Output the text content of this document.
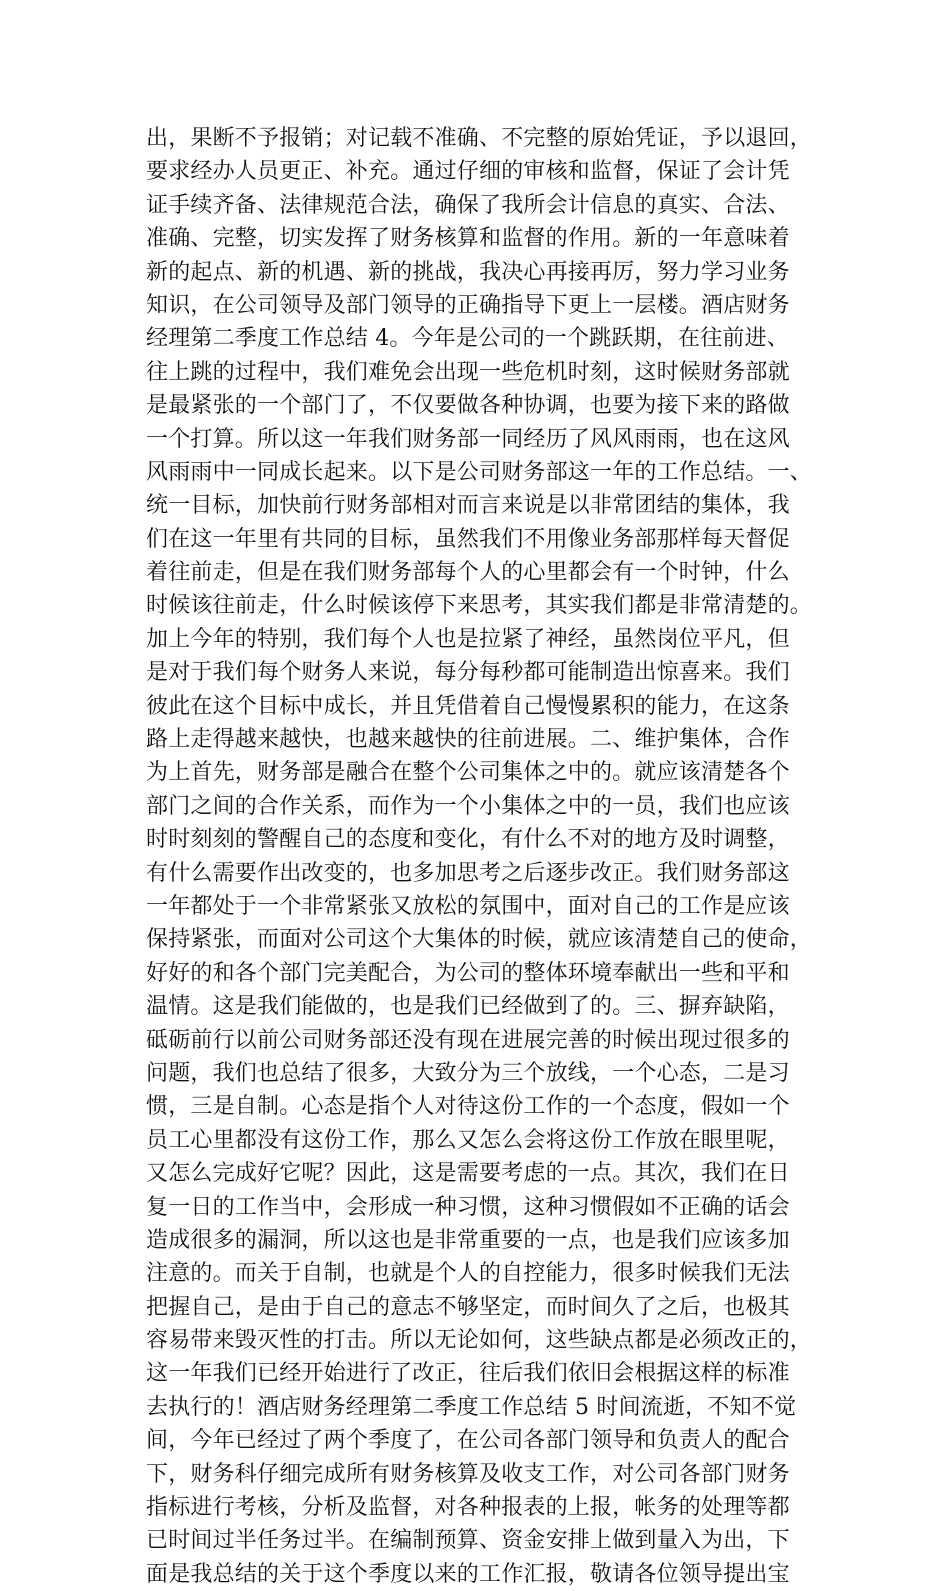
出，果断不予报销；对记载不准确、不完整的原始凭证，予以退回，
要求经办人员更正、补充。通过仔细的审核和监督，保证了会计凭
证手续齐备、法律规范合法，确保了我所会计信息的真实、合法、
准确、完整，切实发挥了财务核算和监督的作用。新的一年意味着
新的起点、新的机遇、新的挑战，我决心再接再厉，努力学习业务
知识，在公司领导及部门领导的正确指导下更上一层楼。酒店财务
经理第二季度工作总结 4。今年是公司的一个跳跃期，在往前进、
往上跳的过程中，我们难免会出现一些危机时刻，这时候财务部就
是最紧张的一个部门了，不仅要做各种协调，也要为接下来的路做
一个打算。所以这一年我们财务部一同经历了风风雨雨，也在这风
风雨雨中一同成长起来。以下是公司财务部这一年的工作总结。一、
统一目标，加快前行财务部相对而言来说是以非常团结的集体，我
们在这一年里有共同的目标，虽然我们不用像业务部那样每天督促
着往前走，但是在我们财务部每个人的心里都会有一个时钟，什么
时候该往前走，什么时候该停下来思考，其实我们都是非常清楚的。
加上今年的特别，我们每个人也是拉紧了神经，虽然岗位平凡，但
是对于我们每个财务人来说，每分每秒都可能制造出惊喜来。我们
彼此在这个目标中成长，并且凭借着自己慢慢累积的能力，在这条
路上走得越来越快，也越来越快的往前进展。二、维护集体，合作
为上首先，财务部是融合在整个公司集体之中的。就应该清楚各个
部门之间的合作关系，而作为一个小集体之中的一员，我们也应该
时时刻刻的警醒自己的态度和变化，有什么不对的地方及时调整，
有什么需要作出改变的，也多加思考之后逐步改正。我们财务部这
一年都处于一个非常紧张又放松的氛围中，面对自己的工作是应该
保持紧张，而面对公司这个大集体的时候，就应该清楚自己的使命，
好好的和各个部门完美配合，为公司的整体环境奉献出一些和平和
温情。这是我们能做的，也是我们已经做到了的。三、摒弃缺陷，
砥砺前行以前公司财务部还没有现在进展完善的时候出现过很多的
问题，我们也总结了很多，大致分为三个放线，一个心态，二是习
惯，三是自制。心态是指个人对待这份工作的一个态度，假如一个
员工心里都没有这份工作，那么又怎么会将这份工作放在眼里呢，
又怎么完成好它呢？因此，这是需要考虑的一点。其次，我们在日
复一日的工作当中，会形成一种习惯，这种习惯假如不正确的话会
造成很多的漏洞，所以这也是非常重要的一点，也是我们应该多加
注意的。而关于自制，也就是个人的自控能力，很多时候我们无法
把握自己，是由于自己的意志不够坚定，而时间久了之后，也极其
容易带来毁灭性的打击。所以无论如何，这些缺点都是必须改正的，
这一年我们已经开始进行了改正，往后我们依旧会根据这样的标准
去执行的！酒店财务经理第二季度工作总结 5 时间流逝，不知不觉
间，今年已经过了两个季度了，在公司各部门领导和负责人的配合
下，财务科仔细完成所有财务核算及收支工作，对公司各部门财务
指标进行考核，分析及监督，对各种报表的上报，帐务的处理等都
已时间过半任务过半。在编制预算、资金安排上做到量入为出，下
面是我总结的关于这个季度以来的工作汇报，敬请各位领导提出宝
